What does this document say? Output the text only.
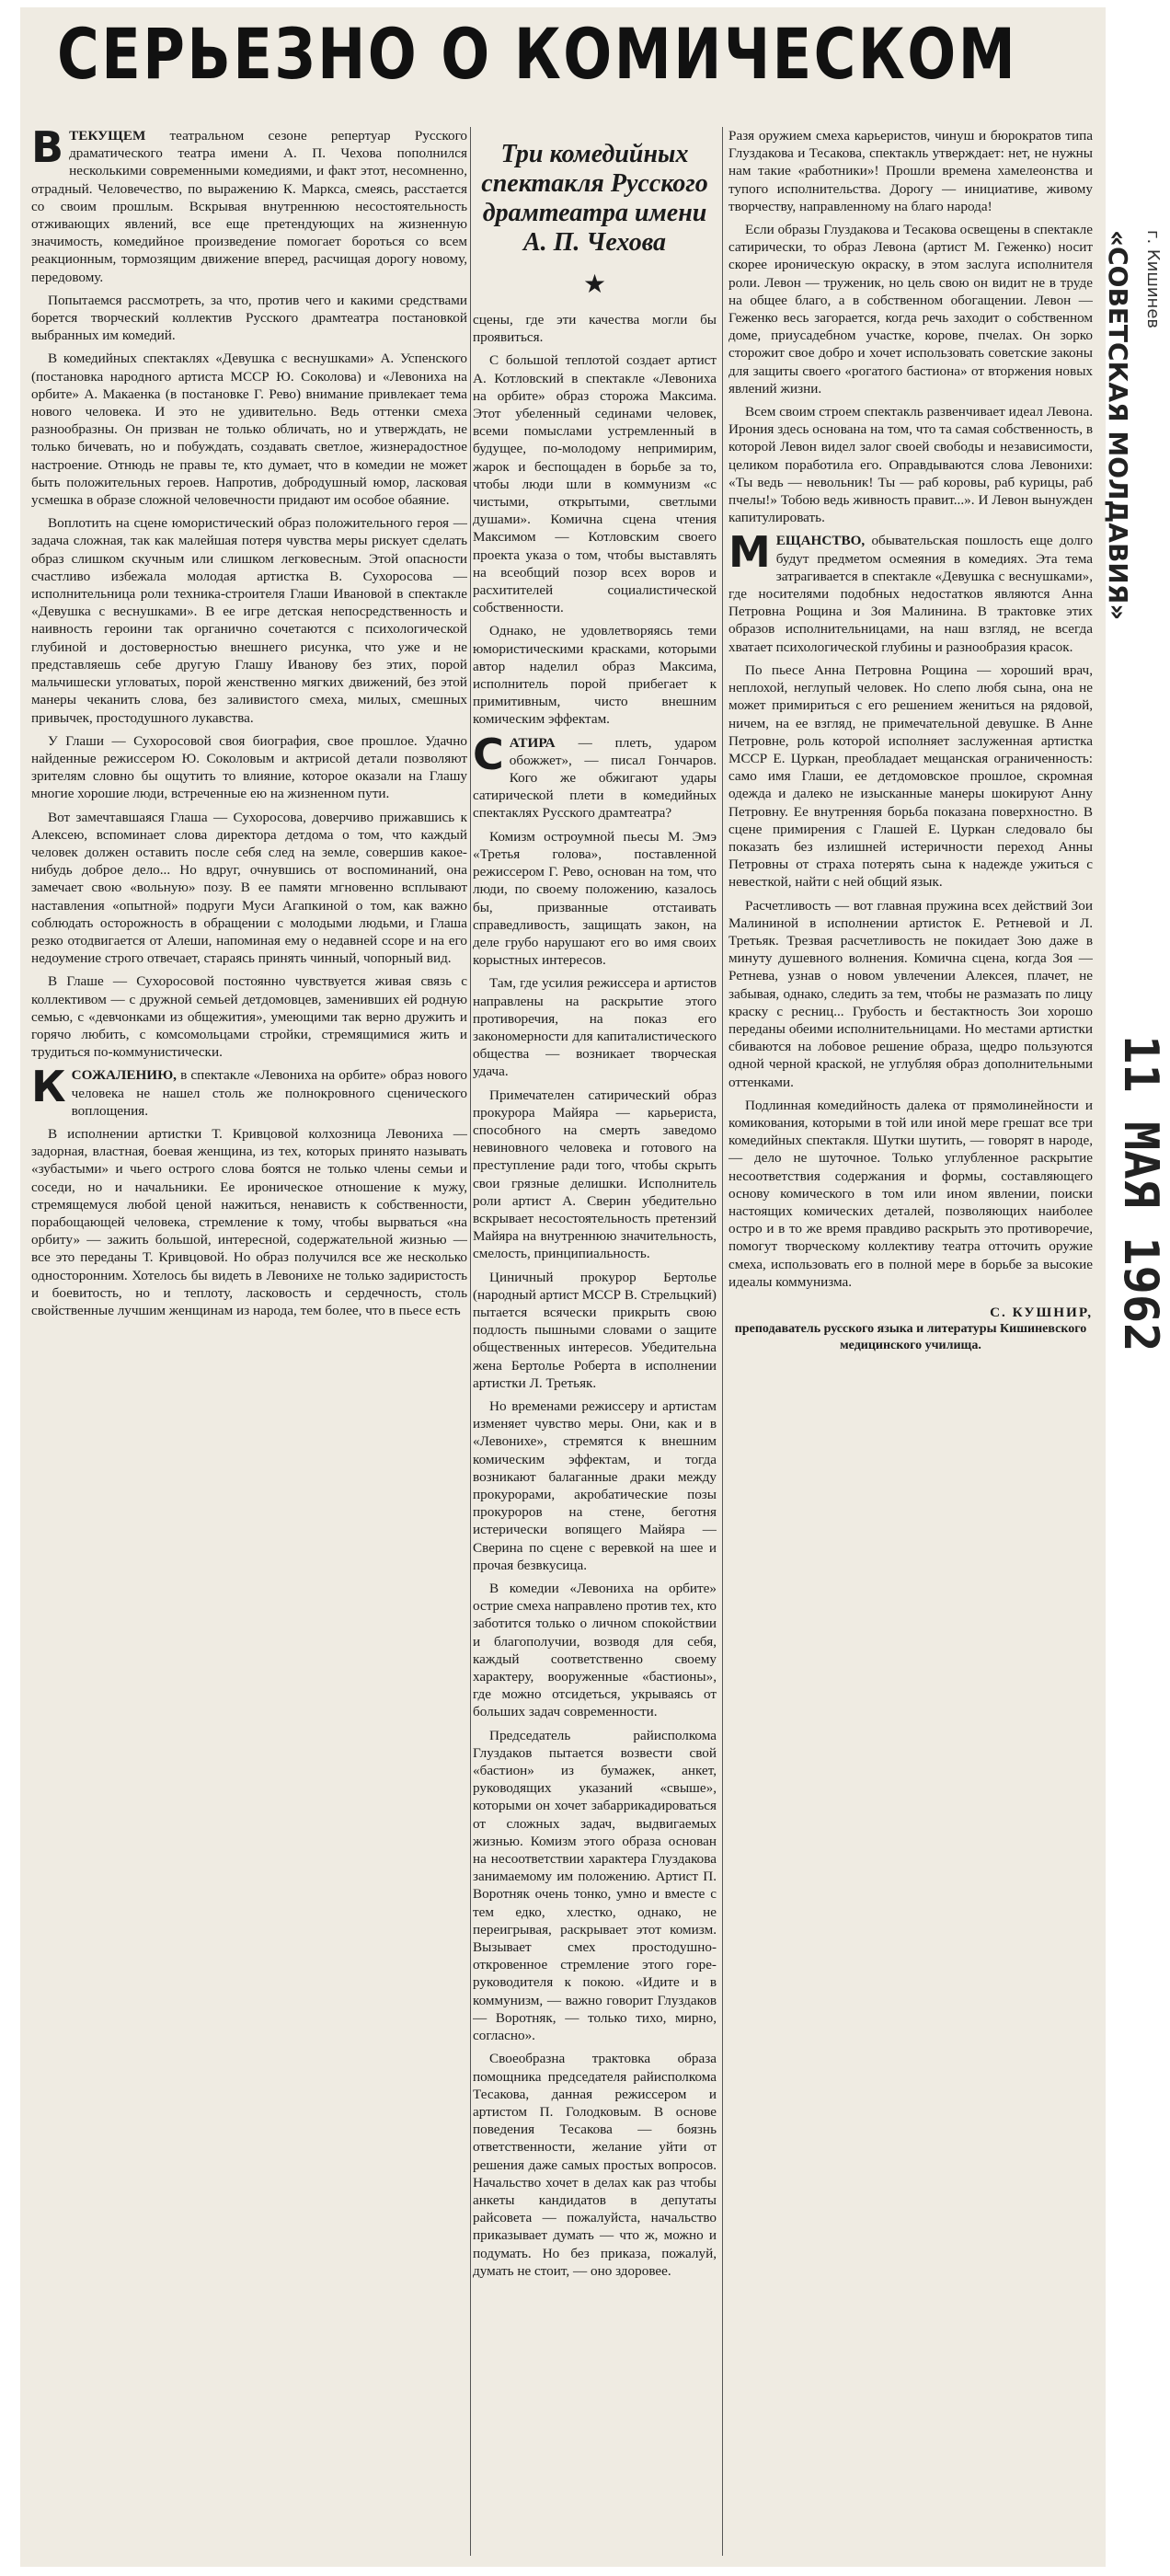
СЕРЬЕЗНО О КОМИЧЕСКОМ

ВТЕКУЩЕМ театральном сезоне репертуар Русского драматического театра имени А. П. Чехова пополнился несколькими современными комедиями, и факт этот, несомненно, отрадный. Человечество, по выражению К. Маркса, смеясь, расстается со своим прошлым. Вскрывая внутреннюю несостоятельность отживающих явлений, все еще претендующих на жизненную значимость, комедийное произведение помогает бороться со всем реакционным, тормозящим движение вперед, расчищая дорогу новому, передовому.

Попытаемся рассмотреть, за что, против чего и какими средствами борется творческий коллектив Русского драмтеатра постановкой выбранных им комедий.

В комедийных спектаклях «Девушка с веснушками» А. Успенского (постановка народного артиста МССР Ю. Соколова) и «Левониха на орбите» А. Макаенка (в постановке Г. Рево) внимание привлекает тема нового человека. И это не удивительно. Ведь оттенки смеха разнообразны. Он призван не только обличать, но и утверждать, не только бичевать, но и побуждать, создавать светлое, жизнерадостное настроение. Отнюдь не правы те, кто думает, что в комедии не может быть положительных героев. Напротив, добродушный юмор, ласковая усмешка в образе сложной человечности придают им особое обаяние.

Воплотить на сцене юмористический образ положительного героя — задача сложная, так как малейшая потеря чувства меры рискует сделать образ слишком скучным или слишком легковесным. Этой опасности счастливо избежала молодая артистка В. Сухоросова — исполнительница роли техника-строителя Глаши Ивановой в спектакле «Девушка с веснушками». В ее игре детская непосредственность и наивность героини так органично сочетаются с психологической глубиной и достоверностью внешнего рисунка, что уже и не представляешь себе другую Глашу Иванову без этих, порой мальчишески угловатых, порой женственно мягких движений, без этой манеры чеканить слова, без заливистого смеха, милых, смешных привычек, простодушного лукавства.

У Глаши — Сухоросовой своя биография, свое прошлое. Удачно найденные режиссером Ю. Соколовым и актрисой детали позволяют зрителям словно бы ощутить то влияние, которое оказали на Глашу многие хорошие люди, встреченные ею на жизненном пути.

Вот замечтавшаяся Глаша — Сухоросова, доверчиво прижавшись к Алексею, вспоминает слова директора детдома о том, что каждый человек должен оставить после себя след на земле, совершив какое-нибудь доброе дело... Но вдруг, очнувшись от воспоминаний, она замечает свою «вольную» позу. В ее памяти мгновенно всплывают наставления «опытной» подруги Муси Агапкиной о том, как важно соблюдать осторожность в обращении с молодыми людьми, и Глаша резко отодвигается от Алеши, напоминая ему о недавней ссоре и на его недоумение строго отвечает, стараясь принять чинный, чопорный вид.

В Глаше — Сухоросовой постоянно чувствуется живая связь с коллективом — с дружной семьей детдомовцев, заменивших ей родную семью, с «девчонками из общежития», умеющими так верно дружить и горячо любить, с комсомольцами стройки, стремящимися жить и трудиться по-коммунистически.

КСОЖАЛЕНИЮ, в спектакле «Левониха на орбите» образ нового человека не нашел столь же полнокровного сценического воплощения.

В исполнении артистки Т. Кривцовой колхозница Левониха — задорная, властная, боевая женщина, из тех, которых принято называть «зубастыми» и чьего острого слова боятся не только члены семьи и соседи, но и начальники. Ее ироническое отношение к мужу, стремящемуся любой ценой нажиться, ненависть к собственности, порабощающей человека, стремление к тому, чтобы вырваться «на орбиту» — зажить большой, интересной, содержательной жизнью — все это переданы Т. Кривцовой. Но образ получился все же несколько односторонним. Хотелось бы видеть в Левонихе не только задиристость и боевитость, но и теплоту, ласковость и сердечность, столь свойственные лучшим женщинам из народа, тем более, что в пьесе есть

Три комедийных спектакля Русского драмтеатра имени А. П. Чехова
★

сцены, где эти качества могли бы проявиться.

С большой теплотой создает артист А. Котловский в спектакле «Левониха на орбите» образ сторожа Максима. Этот убеленный сединами человек, всеми помыслами устремленный в будущее, по-молодому непримирим, жарок и беспощаден в борьбе за то, чтобы люди шли в коммунизм «с чистыми, открытыми, светлыми душами». Комична сцена чтения Максимом — Котловским своего проекта указа о том, чтобы выставлять на всеобщий позор всех воров и расхитителей социалистической собственности.

Однако, не удовлетворяясь теми юмористическими красками, которыми автор наделил образ Максима, исполнитель порой прибегает к примитивным, чисто внешним комическим эффектам.

САТИРА — плеть, ударом обожжет», — писал Гончаров. Кого же обжигают удары сатирической плети в комедийных спектаклях Русского драмтеатра?

Комизм остроумной пьесы М. Эмэ «Третья голова», поставленной режиссером Г. Рево, основан на том, что люди, по своему положению, казалось бы, призванные отстаивать справедливость, защищать закон, на деле грубо нарушают его во имя своих корыстных интересов.

Там, где усилия режиссера и артистов направлены на раскрытие этого противоречия, на показ его закономерности для капиталистического общества — возникает творческая удача.

Примечателен сатирический образ прокурора Майяра — карьериста, способного на смерть заведомо невиновного человека и готового на преступление ради того, чтобы скрыть свои грязные делишки. Исполнитель роли артист А. Сверин убедительно вскрывает несостоятельность претензий Майяра на внутреннюю значительность, смелость, принципиальность.

Циничный прокурор Бертолье (народный артист МССР В. Стрельцкий) пытается всячески прикрыть свою подлость пышными словами о защите общественных интересов. Убедительна жена Бертолье Роберта в исполнении артистки Л. Третьяк.

Но временами режиссеру и артистам изменяет чувство меры. Они, как и в «Левонихе», стремятся к внешним комическим эффектам, и тогда возникают балаганные драки между прокурорами, акробатические позы прокуроров на стене, беготня истерически вопящего Майяра — Сверина по сцене с веревкой на шее и прочая безвкусица.

В комедии «Левониха на орбите» острие смеха направлено против тех, кто заботится только о личном спокойствии и благополучии, возводя для себя, каждый соответственно своему характеру, вооруженные «бастионы», где можно отсидеться, укрываясь от больших задач современности.

Председатель райисполкома Глуздаков пытается возвести свой «бастион» из бумажек, анкет, руководящих указаний «свыше», которыми он хочет забаррикадироваться от сложных задач, выдвигаемых жизнью. Комизм этого образа основан на несоответствии характера Глуздакова занимаемому им положению. Артист П. Воротняк очень тонко, умно и вместе с тем едко, хлестко, однако, не переигрывая, раскрывает этот комизм. Вызывает смех простодушно-откровенное стремление этого горе-руководителя к покою. «Идите и в коммунизм, — важно говорит Глуздаков — Воротняк, — только тихо, мирно, согласно».

Своеобразна трактовка образа помощника председателя райисполкома Тесакова, данная режиссером и артистом П. Голодковым. В основе поведения Тесакова — боязнь ответственности, желание уйти от решения даже самых простых вопросов. Начальство хочет в делах как раз чтобы анкеты кандидатов в депутаты райсовета — пожалуйста, начальство приказывает думать — что ж, можно и подумать. Но без приказа, пожалуй, думать не стоит, — оно здоровее.

Разя оружием смеха карьеристов, чинуш и бюрократов типа Глуздакова и Тесакова, спектакль утверждает: нет, не нужны нам такие «работники»! Прошли времена хамелеонства и тупого исполнительства. Дорогу — инициативе, живому творчеству, направленному на благо народа!

Если образы Глуздакова и Тесакова освещены в спектакле сатирически, то образ Левона (артист М. Геженко) носит скорее ироническую окраску, в этом заслуга исполнителя роли. Левон — труженик, но цель свою он видит не в труде на общее благо, а в собственном обогащении. Левон — Геженко весь загорается, когда речь заходит о собственном доме, приусадебном участке, корове, пчелах. Он зорко сторожит свое добро и хочет использовать советские законы для защиты своего «рогатого бастиона» от вторжения новых явлений жизни.

Всем своим строем спектакль развенчивает идеал Левона. Ирония здесь основана на том, что та самая собственность, в которой Левон видел залог своей свободы и независимости, целиком поработила его. Оправдываются слова Левонихи: «Ты ведь — невольник! Ты — раб коровы, раб курицы, раб пчелы!» Тобою ведь живность правит...». И Левон вынужден капитулировать.

МЕЩАНСТВО, обывательская пошлость еще долго будут предметом осмеяния в комедиях. Эта тема затрагивается в спектакле «Девушка с веснушками», где носителями подобных недостатков являются Анна Петровна Рощина и Зоя Малинина. В трактовке этих образов исполнительницами, на наш взгляд, не всегда хватает психологической глубины и разнообразия красок.

По пьесе Анна Петровна Рощина — хороший врач, неплохой, неглупый человек. Но слепо любя сына, она не может примириться с его решением жениться на рядовой, ничем, на ее взгляд, не примечательной девушке. В Анне Петровне, роль которой исполняет заслуженная артистка МССР Е. Цуркан, преобладает мещанская ограниченность: само имя Глаши, ее детдомовское прошлое, скромная одежда и далеко не изысканные манеры шокируют Анну Петровну. Ее внутренняя борьба показана поверхностно. В сцене примирения с Глашей Е. Цуркан следовало бы показать без излишней истеричности переход Анны Петровны от страха потерять сына к надежде ужиться с невесткой, найти с ней общий язык.

Расчетливость — вот главная пружина всех действий Зои Малининой в исполнении артисток Е. Ретневой и Л. Третьяк. Трезвая расчетливость не покидает Зою даже в минуту душевного волнения. Комична сцена, когда Зоя — Ретнева, узнав о новом увлечении Алексея, плачет, не забывая, однако, следить за тем, чтобы не размазать по лицу краску с ресниц... Грубость и бестактность Зои хорошо переданы обеими исполнительницами. Но местами артистки сбиваются на лобовое решение образа, щедро пользуются одной черной краской, не углубляя образ дополнительными оттенками.

Подлинная комедийность далека от прямолинейности и комикования, которыми в той или иной мере грешат все три комедийных спектакля. Шутки шутить, — говорят в народе, — дело не шуточное. Только углубленное раскрытие несоответствия содержания и формы, составляющего основу комического в том или ином явлении, поиски настоящих комических деталей, позволяющих наиболее остро и в то же время правдиво раскрыть это противоречие, помогут творческому коллективу театра отточить оружие смеха, использовать его в полной мере в борьбе за высокие идеалы коммунизма.

С. КУШНИР,
преподаватель русского языка и литературы Кишиневского медицинского училища.
«СОВЕТСКАЯ МОЛДАВИЯ» г. Кишинев
11 МАЯ 1962
